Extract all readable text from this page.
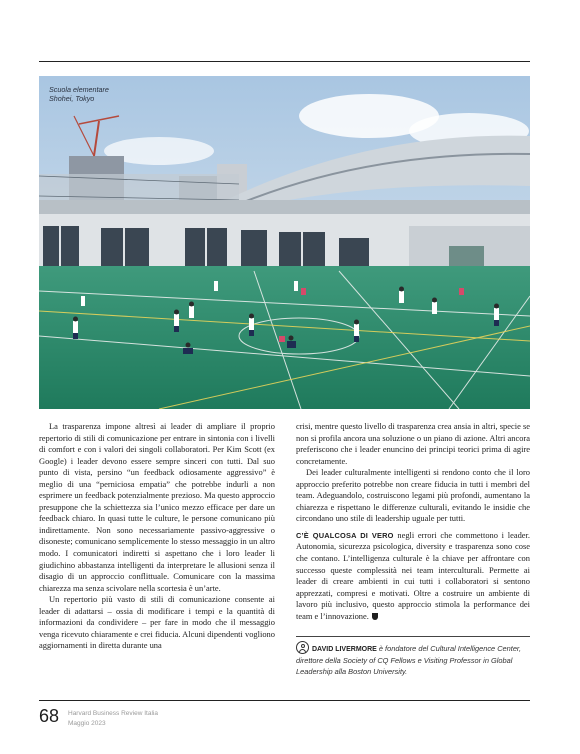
Scuola elementare
Shohei, Tokyo

La trasparenza impone altresì ai leader di ampliare il proprio repertorio di stili di comunicazione per entrare in sintonia con i livelli di comfort e con i valori dei singoli collaboratori. Per Kim Scott (ex Google) i leader devono essere sempre sinceri con tutti. Dal suo punto di vista, persino “un feedback odiosamente aggressivo” è meglio di una “perniciosa empatia” che potrebbe indurli a non esprimere un feedback potenzialmente prezioso. Ma questo approccio presuppone che la schiettezza sia l’unico mezzo efficace per dare un feedback chiaro. In quasi tutte le culture, le persone comunicano più indirettamente. Non sono necessariamente passivo-aggressive o disoneste; comunicano semplicemente lo stesso messaggio in un altro modo. I comunicatori indiretti si aspettano che i loro leader li giudichino abbastanza intelligenti da interpretare le allusioni senza il disagio di un approccio conflittuale. Comunicare con la massima chiarezza ma senza scivolare nella scortesia è un’arte.

Un repertorio più vasto di stili di comunicazione consente ai leader di adattarsi – ossia di modificare i tempi e la quantità di informazioni da condividere – per fare in modo che il messaggio venga ricevuto chiaramente e crei fiducia. Alcuni dipendenti vogliono aggiornamenti in diretta durante una

crisi, mentre questo livello di trasparenza crea ansia in altri, specie se non si profila ancora una soluzione o un piano di azione. Altri ancora preferiscono che i leader enuncino dei principi teorici prima di agire concretamente.

Dei leader culturalmente intelligenti si rendono conto che il loro approccio preferito potrebbe non creare fiducia in tutti i membri del team. Adeguandolo, costruiscono legami più profondi, aumentano la chiarezza e rispettano le differenze culturali, evitando le insidie che circondano uno stile di leadership uguale per tutti.

C’È QUALCOSA DI VERO negli errori che commettono i leader. Autonomia, sicurezza psicologica, diversity e trasparenza sono cose che contano. L’intelligenza culturale è la chiave per affrontare con successo queste complessità nei team interculturali. Permette ai leader di creare ambienti in cui tutti i collaboratori si sentono apprezzati, compresi e motivati. Oltre a costruire un ambiente di lavoro più inclusivo, questo approccio stimola la performance dei team e l’innovazione.

DAVID LIVERMORE è fondatore del Cultural Intelligence Center, direttore della Society of CQ Fellows e Visiting Professor in Global Leadership alla Boston University.
68 Harvard Business Review Italia
Maggio 2023
